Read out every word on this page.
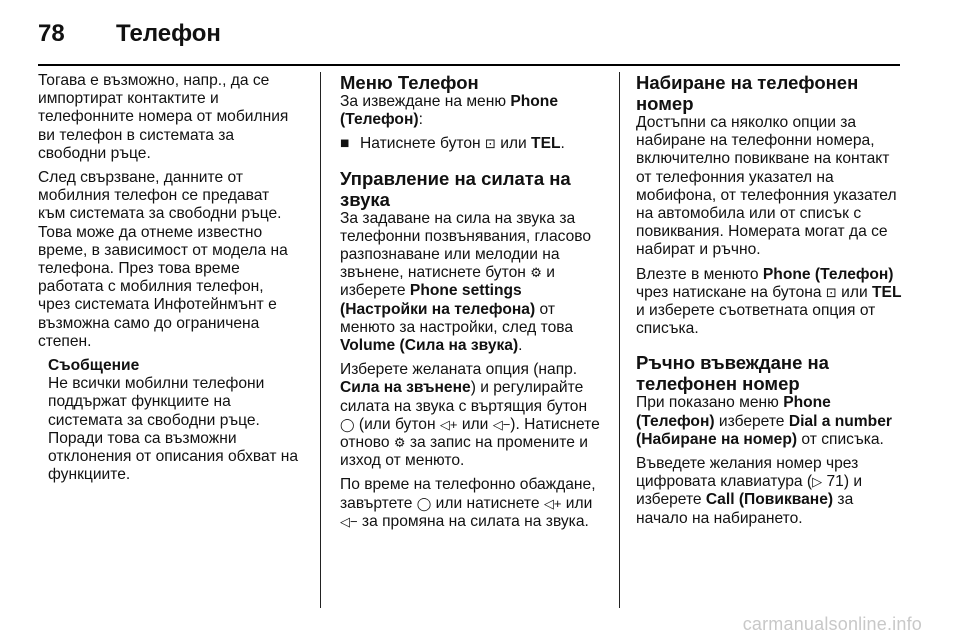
78	Телефон

Тогава е възможно, напр., да се импортират контактите и телефонните номера от мобилния ви телефон в системата за свободни ръце.

След свързване, данните от мобилния телефон се предават към системата за свободни ръце. Това може да отнеме известно време, в зависимост от модела на телефона. През това време работата с мобилния телефон, чрез системата Инфотейнмънт е възможна само до ограничена степен.

Съобщение
Не всички мобилни телефони поддържат функциите на системата за свободни ръце. Поради това са възможни отклонения от описания обхват на функциите.
Меню Телефон

За извеждане на меню Phone (Телефон):

■ Натиснете бутон ⊡ или TEL.
Управление на силата на звука

За задаване на сила на звука за телефонни позвънявания, гласово разпознаване или мелодии на звънене, натиснете бутон ⚙ и изберете Phone settings (Настройки на телефона) от менюто за настройки, след това Volume (Сила на звука).

Изберете желаната опция (напр. Сила на звънене) и регулирайте силата на звука с въртящия бутон ◯ (или бутон ◁+ или ◁−). Натиснете отново ⚙ за запис на промените и изход от менюто.

По време на телефонно обаждане, завъртете ◯ или натиснете ◁+ или ◁− за промяна на силата на звука.

Набиране на телефонен номер

Достъпни са няколко опции за набиране на телефонни номера, включително повикване на контакт от телефонния указател на мобифона, от телефонния указател на автомобила или от списък с повиквания. Номерата могат да се набират и ръчно.

Влезте в менюто Phone (Телефон) чрез натискане на бутона ⊡ или TEL и изберете съответната опция от списъка.

Ръчно въвеждане на телефонен номер

При показано меню Phone (Телефон) изберете Dial a number (Набиране на номер) от списъка.

Въведете желания номер чрез цифровата клавиатура (▷ 71) и изберете Call (Повикване) за начало на набирането.

carmanualsonline.info
